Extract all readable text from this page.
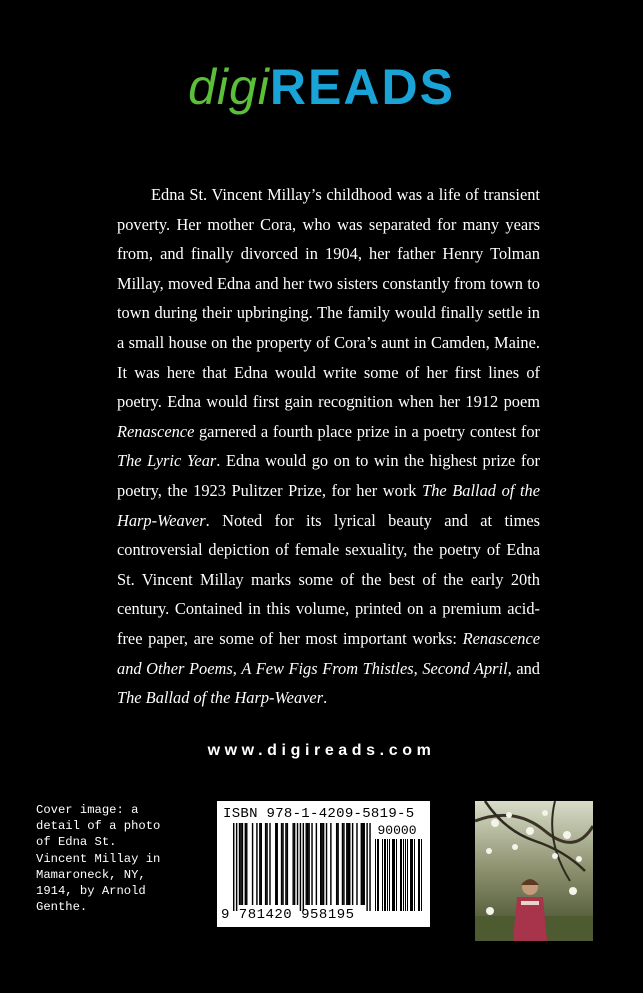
digiREADS

Edna St. Vincent Millay’s childhood was a life of transient poverty. Her mother Cora, who was separated for many years from, and finally divorced in 1904, her father Henry Tolman Millay, moved Edna and her two sisters constantly from town to town during their upbringing. The family would finally settle in a small house on the property of Cora’s aunt in Camden, Maine. It was here that Edna would write some of her first lines of poetry. Edna would first gain recognition when her 1912 poem Renascence garnered a fourth place prize in a poetry contest for The Lyric Year. Edna would go on to win the highest prize for poetry, the 1923 Pulitzer Prize, for her work The Ballad of the Harp-Weaver. Noted for its lyrical beauty and at times controversial depiction of female sexuality, the poetry of Edna St. Vincent Millay marks some of the best of the early 20th century. Contained in this volume, printed on a premium acid-free paper, are some of her most important works: Renascence and Other Poems, A Few Figs From Thistles, Second April, and The Ballad of the Harp-Weaver.

www.digireads.com
Cover image: a
detail of a photo
of Edna St.
Vincent Millay in
Mamaroneck, NY,
1914, by Arnold
Genthe.
ISBN 978-1-4209-5819-5
90000
9 781420 958195
